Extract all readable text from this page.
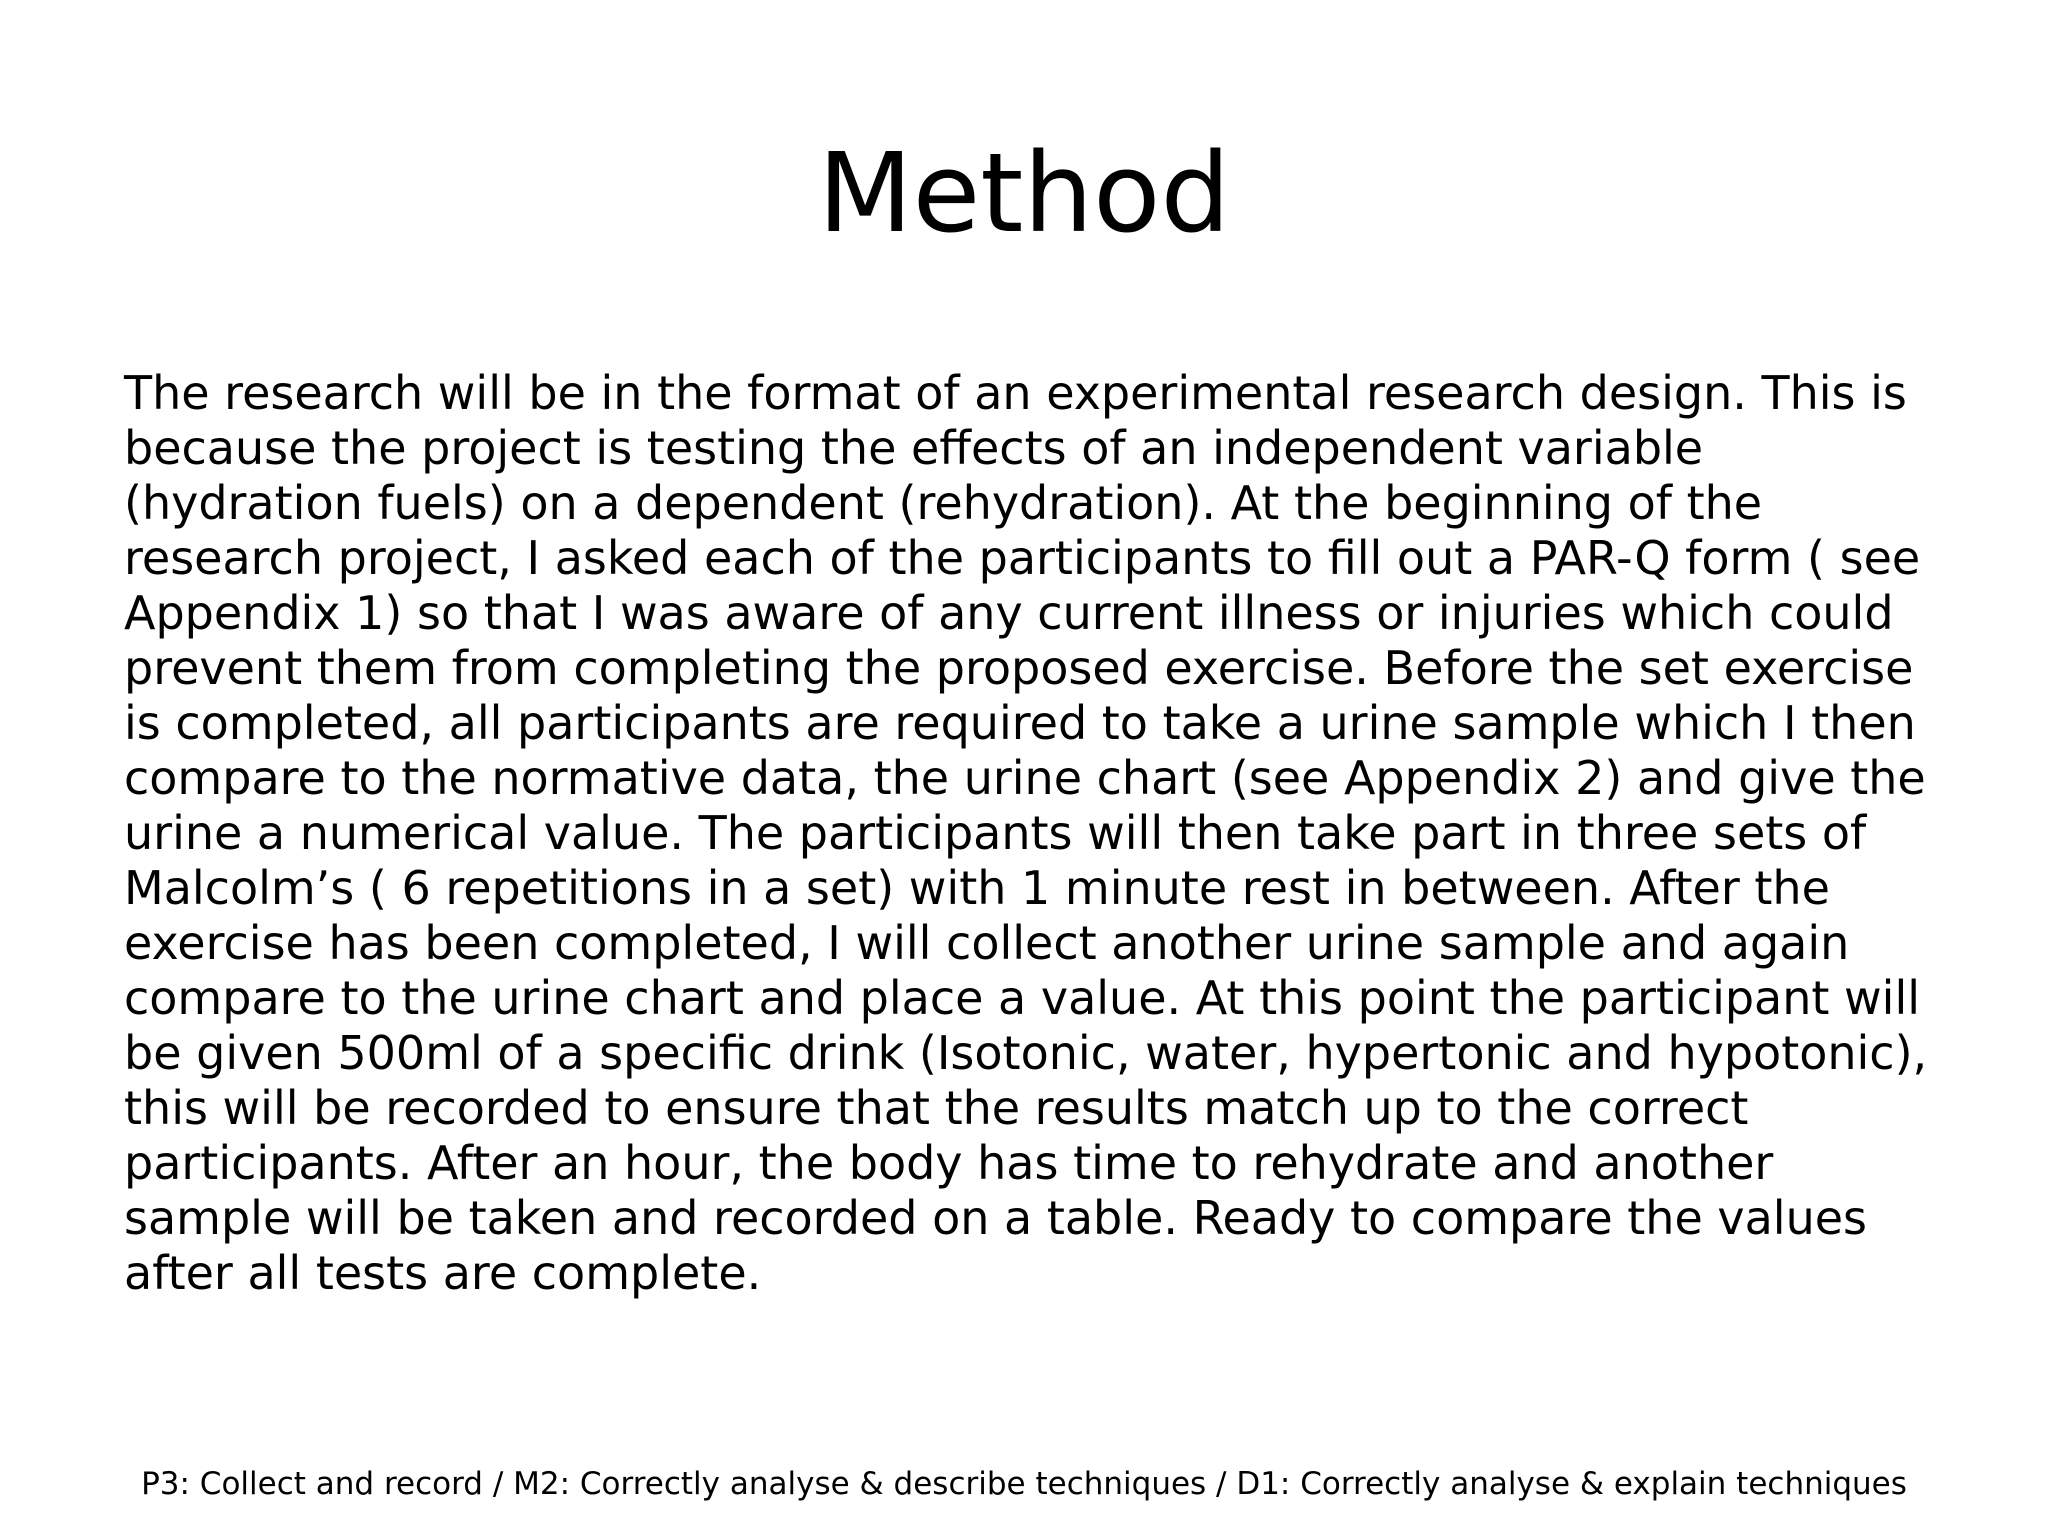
Method

The research will be in the format of an experimental research design. This is
because the project is testing the effects of an independent variable
(hydration fuels) on a dependent (rehydration). At the beginning of the
research project, I asked each of the participants to fill out a PAR-Q form ( see
Appendix 1) so that I was aware of any current illness or injuries which could
prevent them from completing the proposed exercise. Before the set exercise
is completed, all participants are required to take a urine sample which I then
compare to the normative data, the urine chart (see Appendix 2) and give the
urine a numerical value. The participants will then take part in three sets of
Malcolm’s ( 6 repetitions in a set) with 1 minute rest in between. After the
exercise has been completed, I will collect another urine sample and again
compare to the urine chart and place a value. At this point the participant will
be given 500ml of a specific drink (Isotonic, water, hypertonic and hypotonic),
this will be recorded to ensure that the results match up to the correct
participants. After an hour, the body has time to rehydrate and another
sample will be taken and recorded on a table. Ready to compare the values
after all tests are complete.

P3: Collect and record / M2: Correctly analyse & describe techniques / D1: Correctly analyse & explain techniques
